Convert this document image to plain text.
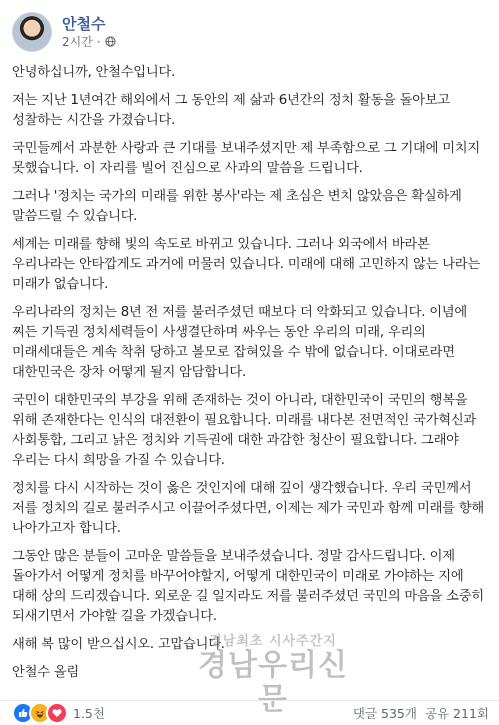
안철수
2시간 ·

안녕하십니까, 안철수입니다.

저는 지난 1년여간 해외에서 그 동안의 제 삶과 6년간의 정치 활동을 돌아보고 성찰하는 시간을 가졌습니다.

국민들께서 과분한 사랑과 큰 기대를 보내주셨지만 제 부족함으로 그 기대에 미치지 못했습니다. 이 자리를 빌어 진심으로 사과의 말씀을 드립니다.

그러나 '정치는 국가의 미래를 위한 봉사'라는 제 초심은 변치 않았음은 확실하게 말씀드릴 수 있습니다.

세계는 미래를 향해 빛의 속도로 바뀌고 있습니다. 그러나 외국에서 바라본 우리나라는 안타깝게도 과거에 머물러 있습니다. 미래에 대해 고민하지 않는 나라는 미래가 없습니다.

우리나라의 정치는 8년 전 저를 불러주셨던 때보다 더 악화되고 있습니다. 이념에 찌든 기득권 정치세력들이 사생결단하며 싸우는 동안 우리의 미래, 우리의 미래세대들은 계속 착취 당하고 볼모로 잡혀있을 수 밖에 없습니다. 이대로라면 대한민국은 장차 어떻게 될지 암담합니다.

국민이 대한민국의 부강을 위해 존재하는 것이 아니라, 대한민국이 국민의 행복을 위해 존재한다는 인식의 대전환이 필요합니다. 미래를 내다본 전면적인 국가혁신과 사회통합, 그리고 낡은 정치와 기득권에 대한 과감한 청산이 필요합니다. 그래야 우리는 다시 희망을 가질 수 있습니다.

정치를 다시 시작하는 것이 옳은 것인지에 대해 깊이 생각했습니다. 우리 국민께서 저를 정치의 길로 불러주시고 이끌어주셨다면, 이제는 제가 국민과 함께 미래를 향해 나아가고자 합니다.

그동안 많은 분들이 고마운 말씀들을 보내주셨습니다. 정말 감사드립니다. 이제 돌아가서 어떻게 정치를 바꾸어야할지, 어떻게 대한민국이 미래로 가야하는 지에 대해 상의 드리겠습니다. 외로운 길 일지라도 저를 불러주셨던 국민의 마음을 소중히 되새기면서 가야할 길을 가겠습니다.

새해 복 많이 받으십시오. 고맙습니다.

안철수 올림

경남최초 시사주간지
경남우리신문
1.5천	댓글 535개 공유 211회
